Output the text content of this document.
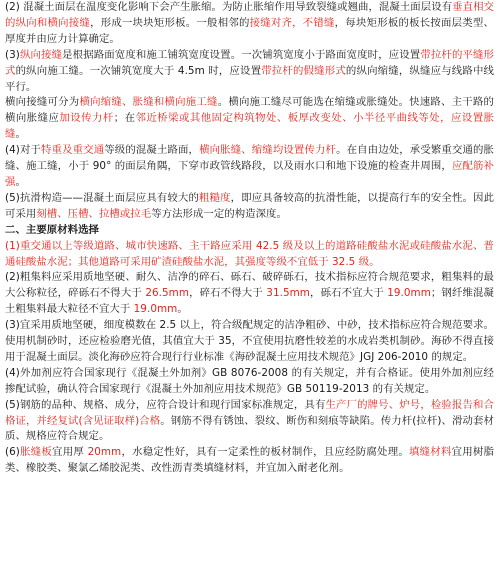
(2) 混凝土面层在温度变化影响下会产生胀缩。为防止胀缩作用导致裂缝或翘曲，混凝土面层设有垂直相交的纵向和横向接缝，形成一块块矩形板。一般相邻的接缝对齐，不错缝，每块矩形板的板长按面层类型、厚度并由应力计算确定。

(3)纵向接缝是根据路面宽度和施工铺筑宽度设置。一次铺筑宽度小于路面宽度时，应设置带拉杆的平缝形式的纵向施工缝。一次铺筑宽度大于 4.5m 时，应设置带拉杆的假缝形式的纵向缩缝，纵缝应与线路中线平行。

横向接缝可分为横向缩缝、胀缝和横向施工缝。横向施工缝尽可能选在缩缝或胀缝处。快速路、主干路的横向胀缝应加设传力杆；在邻近桥梁或其他固定构筑物处、板厚改变处、小半径平曲线等处，应设置胀缝。

(4)对于特重及重交通等级的混凝土路面，横向胀缝、缩缝均设置传力杆。在自由边处，承受繁重交通的胀缝、施工缝，小于 90° 的面层角隅，下穿市政管线路段，以及雨水口和地下设施的检查井周围，应配筋补强。

(5)抗滑构造——混凝土面层应具有较大的粗糙度，即应具备较高的抗滑性能，以提高行车的安全性。因此可采用刻槽、压槽、拉槽或拉毛等方法形成一定的构造深度。

二、主要原材料选择

(1)重交通以上等级道路、城市快速路、主干路应采用 42.5 级及以上的道路硅酸盐水泥或硅酸盐水泥、普通硅酸盐水泥；其他道路可采用矿渣硅酸盐水泥，其强度等级不宜低于 32.5 级。

(2)粗集料应采用质地坚硬、耐久、洁净的碎石、砾石、破碎砾石，技术指标应符合规范要求，粗集料的最大公称粒径，碎砾石不得大于 26.5mm，碎石不得大于 31.5mm，砾石不宜大于 19.0mm；钢纤维混凝土粗集料最大粒径不宜大于 19.0mm。

(3)宜采用质地坚硬，细度模数在 2.5 以上，符合级配规定的洁净粗砂、中砂，技术指标应符合规范要求。使用机制砂时，还应检验磨光值，其值宜大于 35，不宜使用抗磨性较差的水成岩类机制砂。海砂不得直接用于混凝土面层。淡化海砂应符合现行行业标准《海砂混凝土应用技术规范》JGJ 206-2010 的规定。

(4)外加剂应符合国家现行《混凝土外加剂》GB 8076-2008 的有关规定，并有合格证。使用外加剂应经掺配试验，确认符合国家现行《混凝土外加剂应用技术规范》GB 50119-2013 的有关规定。

(5)钢筋的品种、规格、成分，应符合设计和现行国家标准规定，具有生产厂的牌号、炉号，检验报告和合格证，并经复试(含见证取样)合格。钢筋不得有锈蚀、裂纹、断伤和刻痕等缺陷。传力杆(拉杆)、滑动套材质、规格应符合规定。

(6)胀缝板宜用厚 20mm，水稳定性好，具有一定柔性的板材制作，且应经防腐处理。填缝材料宜用树脂类、橡胶类、聚氯乙烯胶泥类、改性沥青类填缝材料，并宜加入耐老化剂。
